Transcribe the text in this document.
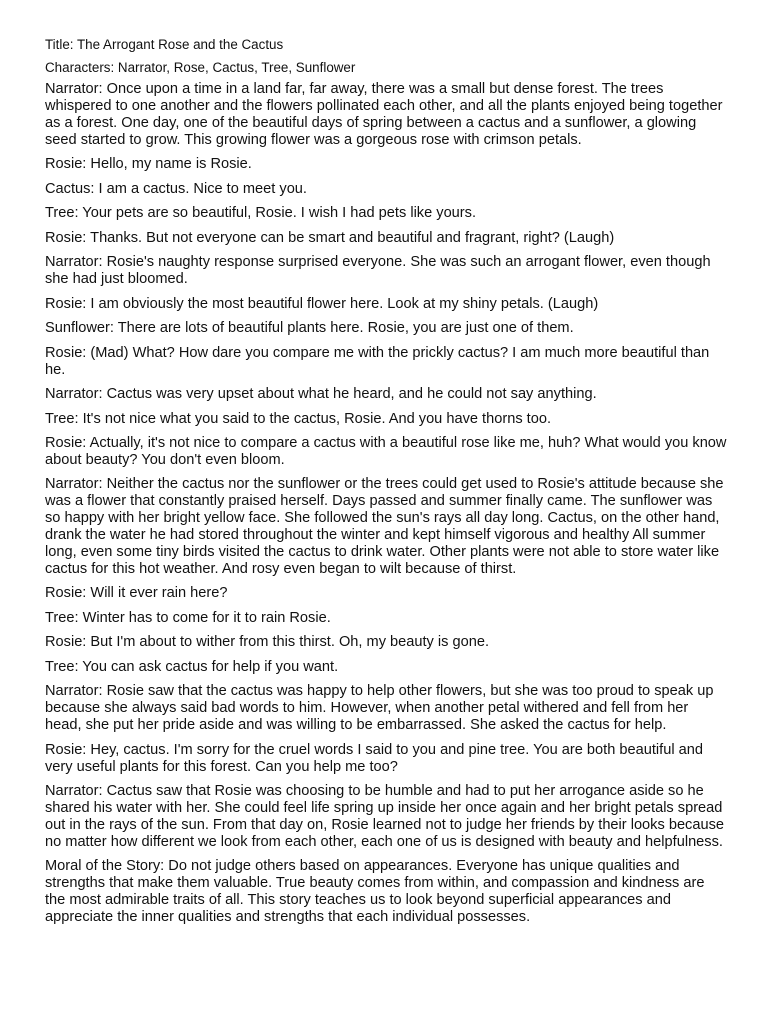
Title: The Arrogant Rose and the Cactus

Characters: Narrator, Rose, Cactus, Tree, Sunflower

Narrator: Once upon a time in a land far, far away, there was a small but dense forest. The trees whispered to one another and the flowers pollinated each other, and all the plants enjoyed being together as a forest. One day, one of the beautiful days of spring between a cactus and a sunflower, a glowing seed started to grow. This growing flower was a gorgeous rose with crimson petals.

Rosie: Hello, my name is Rosie.

Cactus: I am a cactus. Nice to meet you.

Tree: Your pets are so beautiful, Rosie. I wish I had pets like yours.

Rosie: Thanks. But not everyone can be smart and beautiful and fragrant, right? (Laugh)

Narrator: Rosie's naughty response surprised everyone. She was such an arrogant flower, even though she had just bloomed.

Rosie: I am obviously the most beautiful flower here. Look at my shiny petals. (Laugh)

Sunflower: There are lots of beautiful plants here. Rosie, you are just one of them.

Rosie: (Mad) What? How dare you compare me with the prickly cactus? I am much more beautiful than he.

Narrator: Cactus was very upset about what he heard, and he could not say anything.

Tree: It's not nice what you said to the cactus, Rosie. And you have thorns too.

Rosie: Actually, it's not nice to compare a cactus with a beautiful rose like me, huh? What would you know about beauty? You don't even bloom.

Narrator: Neither the cactus nor the sunflower or the trees could get used to Rosie's attitude because she was a flower that constantly praised herself. Days passed and summer finally came. The sunflower was so happy with her bright yellow face. She followed the sun's rays all day long. Cactus, on the other hand, drank the water he had stored throughout the winter and kept himself vigorous and healthy All summer long, even some tiny birds visited the cactus to drink water. Other plants were not able to store water like cactus for this hot weather. And rosy even began to wilt because of thirst.

Rosie: Will it ever rain here?

Tree: Winter has to come for it to rain Rosie.

Rosie: But I'm about to wither from this thirst. Oh, my beauty is gone.

Tree: You can ask cactus for help if you want.

Narrator: Rosie saw that the cactus was happy to help other flowers, but she was too proud to speak up because she always said bad words to him. However, when another petal withered and fell from her head, she put her pride aside and was willing to be embarrassed. She asked the cactus for help.

Rosie: Hey, cactus. I'm sorry for the cruel words I said to you and pine tree. You are both beautiful and very useful plants for this forest. Can you help me too?

Narrator: Cactus saw that Rosie was choosing to be humble and had to put her arrogance aside so he shared his water with her. She could feel life spring up inside her once again and her bright petals spread out in the rays of the sun. From that day on, Rosie learned not to judge her friends by their looks because no matter how different we look from each other, each one of us is designed with beauty and helpfulness.

Moral of the Story: Do not judge others based on appearances. Everyone has unique qualities and strengths that make them valuable. True beauty comes from within, and compassion and kindness are the most admirable traits of all. This story teaches us to look beyond superficial appearances and appreciate the inner qualities and strengths that each individual possesses.
